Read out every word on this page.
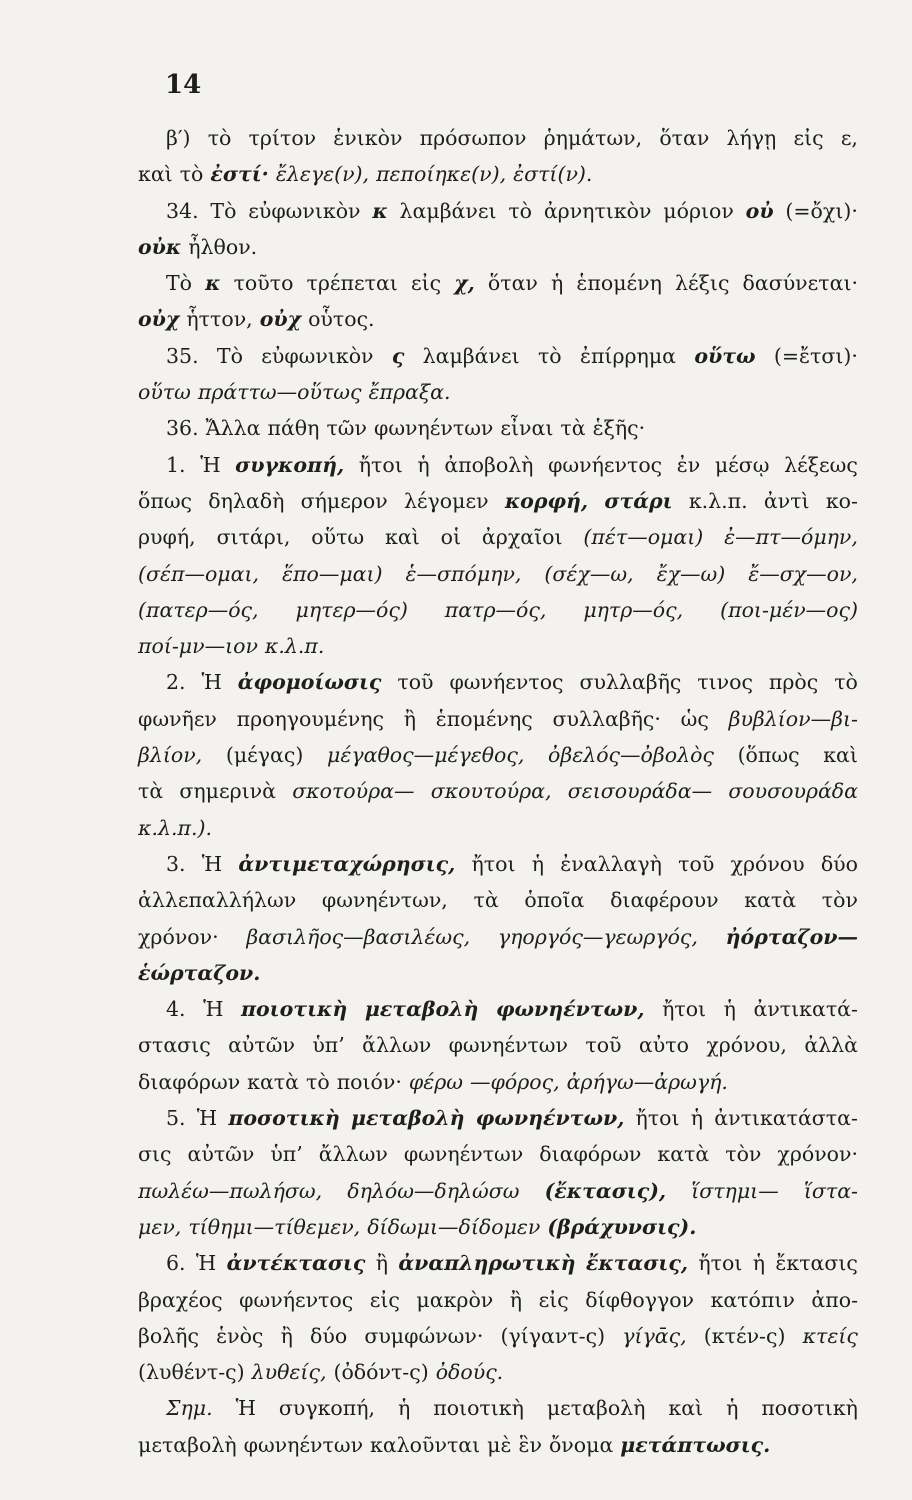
14
β′) τὸ τρίτον ἑνικὸν πρόσωπον ῥημάτων, ὅταν λήγῃ εἰς ε,
καὶ τὸ ἐστί· ἔλεγε(ν), πεποίηκε(ν), ἐστί(ν).
34. Τὸ εὐφωνικὸν κ λαμβάνει τὸ ἀρνητικὸν μόριον οὐ (=ὄχι)·
οὐκ ἦλθον.
Τὸ κ τοῦτο τρέπεται εἰς χ, ὅταν ἡ ἑπομένη λέξις δασύνεται·
οὐχ ἧττον, οὐχ οὗτος.
35. Τὸ εὐφωνικὸν ς λαμβάνει τὸ ἐπίρρημα οὕτω (=ἔτσι)·
οὕτω πράττω—οὕτως ἔπραξα.
36. Ἄλλα πάθη τῶν φωνηέντων εἶναι τὰ ἑξῆς·
1. Ἡ συγκοπή, ἤτοι ἡ ἀποβολὴ φωνήεντος ἐν μέσῳ λέξεως
ὅπως δηλαδὴ σήμερον λέγομεν κορφή, στάρι κ.λ.π. ἀντὶ κο-
ρυφή, σιτάρι, οὕτω καὶ οἱ ἀρχαῖοι (πέτ—ομαι) ἐ—πτ—όμην,
(σέπ—ομαι, ἕπο—μαι) ἑ—σπόμην, (σέχ—ω, ἔχ—ω) ἔ—σχ—ον,
(πατερ—ός, μητερ—ός) πατρ—ός, μητρ—ός, (ποι-μέν—ος)
ποί-μν—ιον κ.λ.π.
2. Ἡ ἀφομοίωσις τοῦ φωνήεντος συλλαβῆς τινος πρὸς τὸ
φωνῆεν προηγουμένης ἢ ἑπομένης συλλαβῆς· ὡς βυβλίον—βι-
βλίον, (μέγας) μέγαθος—μέγεθος, ὀβελός—ὀβολὸς (ὅπως καὶ
τὰ σημερινὰ σκοτούρα— σκουτούρα, σεισουράδα— σουσουράδα
κ.λ.π.).
3. Ἡ ἀντιμεταχώρησις, ἤτοι ἡ ἐναλλαγὴ τοῦ χρόνου δύο
ἀλλεπαλλήλων φωνηέντων, τὰ ὁποῖα διαφέρουν κατὰ τὸν
χρόνον· βασιλῆος—βασιλέως, γηοργός—γεωργός, ἠόρταζον—
ἑώρταζον.
4. Ἡ ποιοτικὴ μεταβολὴ φωνηέντων, ἤτοι ἡ ἀντικατά-
στασις αὐτῶν ὑπ’ ἄλλων φωνηέντων τοῦ αὐτο χρόνου, ἀλλὰ
διαφόρων κατὰ τὸ ποιόν· φέρω —φόρος, ἀρήγω—ἀρωγή.
5. Ἡ ποσοτικὴ μεταβολὴ φωνηέντων, ἤτοι ἡ ἀντικατάστα-
σις αὐτῶν ὑπ’ ἄλλων φωνηέντων διαφόρων κατὰ τὸν χρόνον·
πωλέω—πωλήσω, δηλόω—δηλώσω (ἔκτασις), ἵστημι— ἵστα-
μεν, τίθημι—τίθεμεν, δίδωμι—δίδομεν (βράχυνσις).
6. Ἡ ἀντέκτασις ἢ ἀναπληρωτικὴ ἔκτασις, ἤτοι ἡ ἔκτασις
βραχέος φωνήεντος εἰς μακρὸν ἢ εἰς δίφθογγον κατόπιν ἀπο-
βολῆς ἑνὸς ἢ δύο συμφώνων· (γίγαντ-ς) γίγᾱς, (κτέν-ς) κτείς
(λυθέντ-ς) λυθείς, (ὀδόντ-ς) ὀδούς.
Σημ. Ἡ συγκοπή, ἡ ποιοτικὴ μεταβολὴ καὶ ἡ ποσοτικὴ
μεταβολὴ φωνηέντων καλοῦνται μὲ ἓν ὄνομα μετάπτωσις.
